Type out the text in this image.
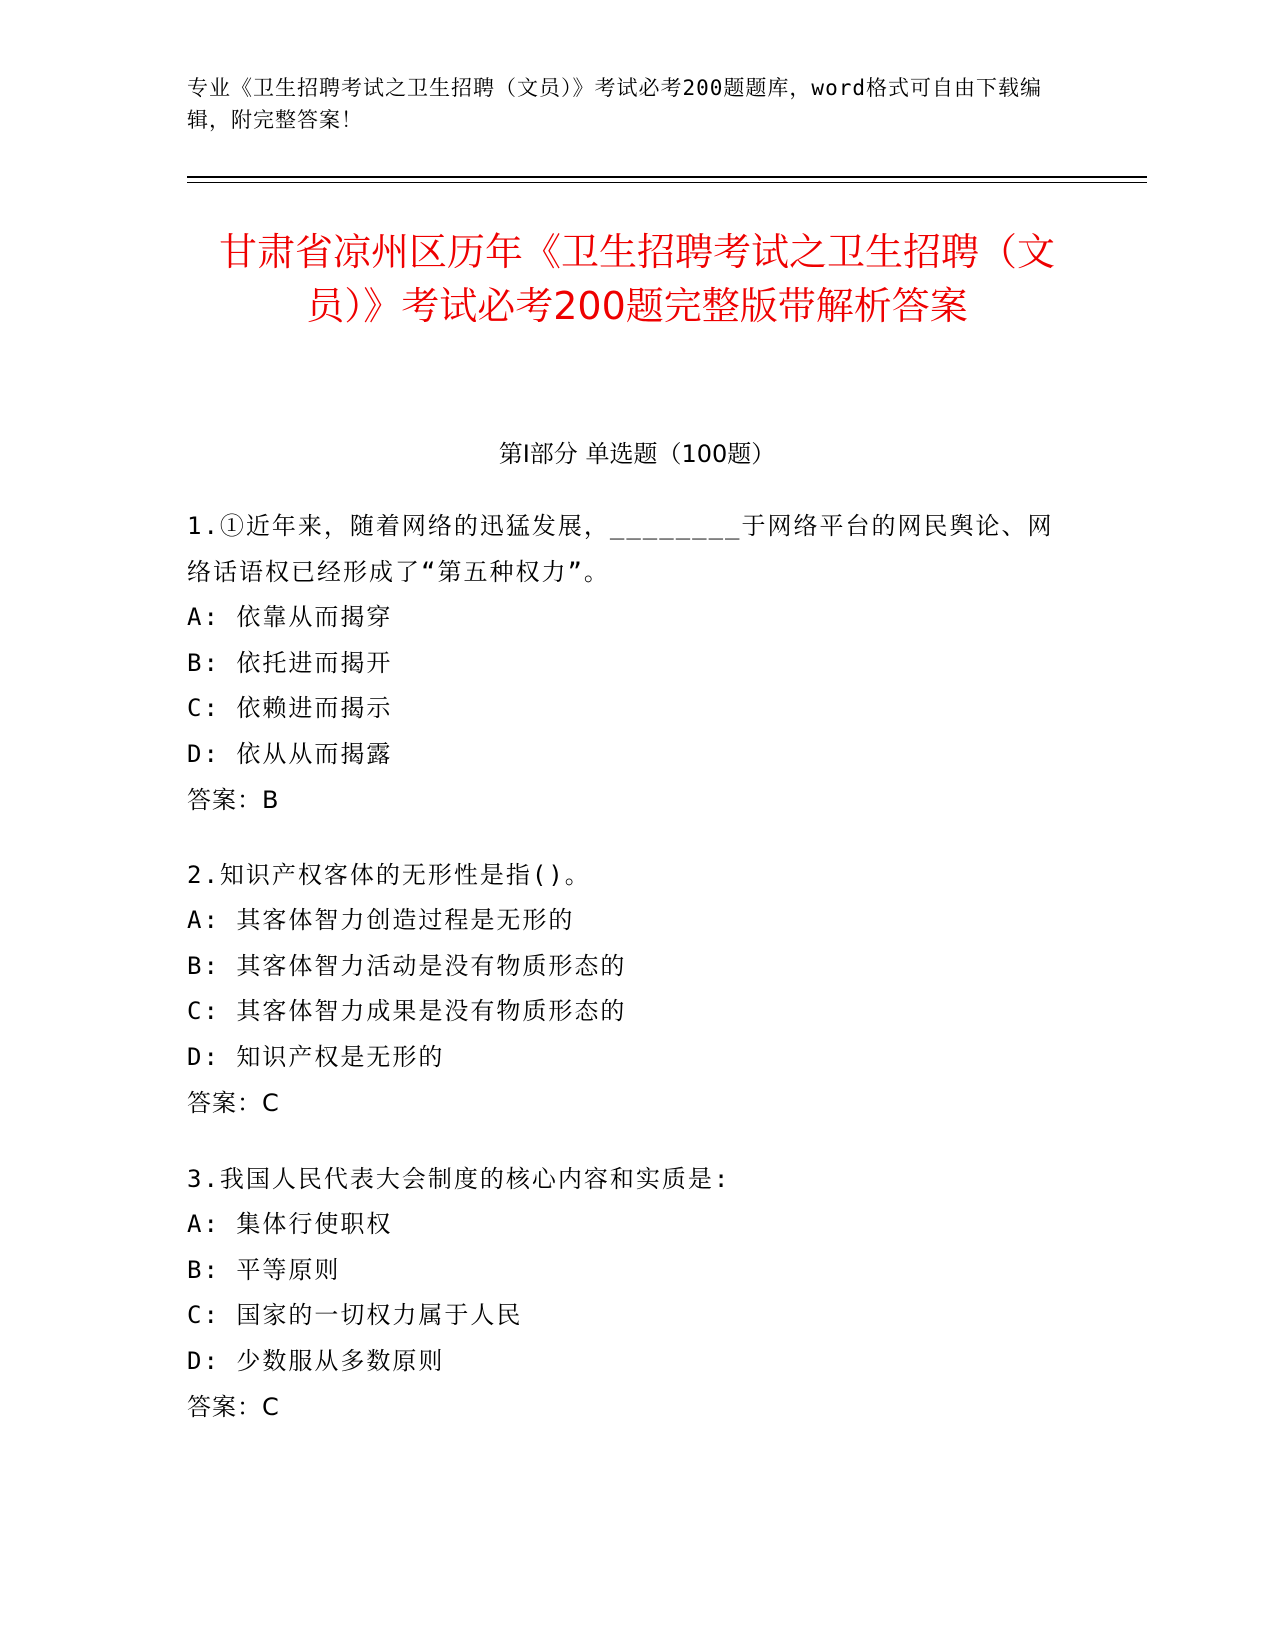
专业《卫生招聘考试之卫生招聘（文员）》考试必考200题题库，word格式可自由下载编辑，附完整答案！
甘肃省凉州区历年《卫生招聘考试之卫生招聘（文员）》考试必考200题完整版带解析答案
第Ⅰ部分 单选题（100题）
1.①近年来，随着网络的迅猛发展，________于网络平台的网民舆论、网络话语权已经形成了“第五种权力”。
A: 依靠从而揭穿
B: 依托进而揭开
C: 依赖进而揭示
D: 依从从而揭露
答案：B
2.知识产权客体的无形性是指()。
A: 其客体智力创造过程是无形的
B: 其客体智力活动是没有物质形态的
C: 其客体智力成果是没有物质形态的
D: 知识产权是无形的
答案：C
3.我国人民代表大会制度的核心内容和实质是:
A: 集体行使职权
B: 平等原则
C: 国家的一切权力属于人民
D: 少数服从多数原则
答案：C
